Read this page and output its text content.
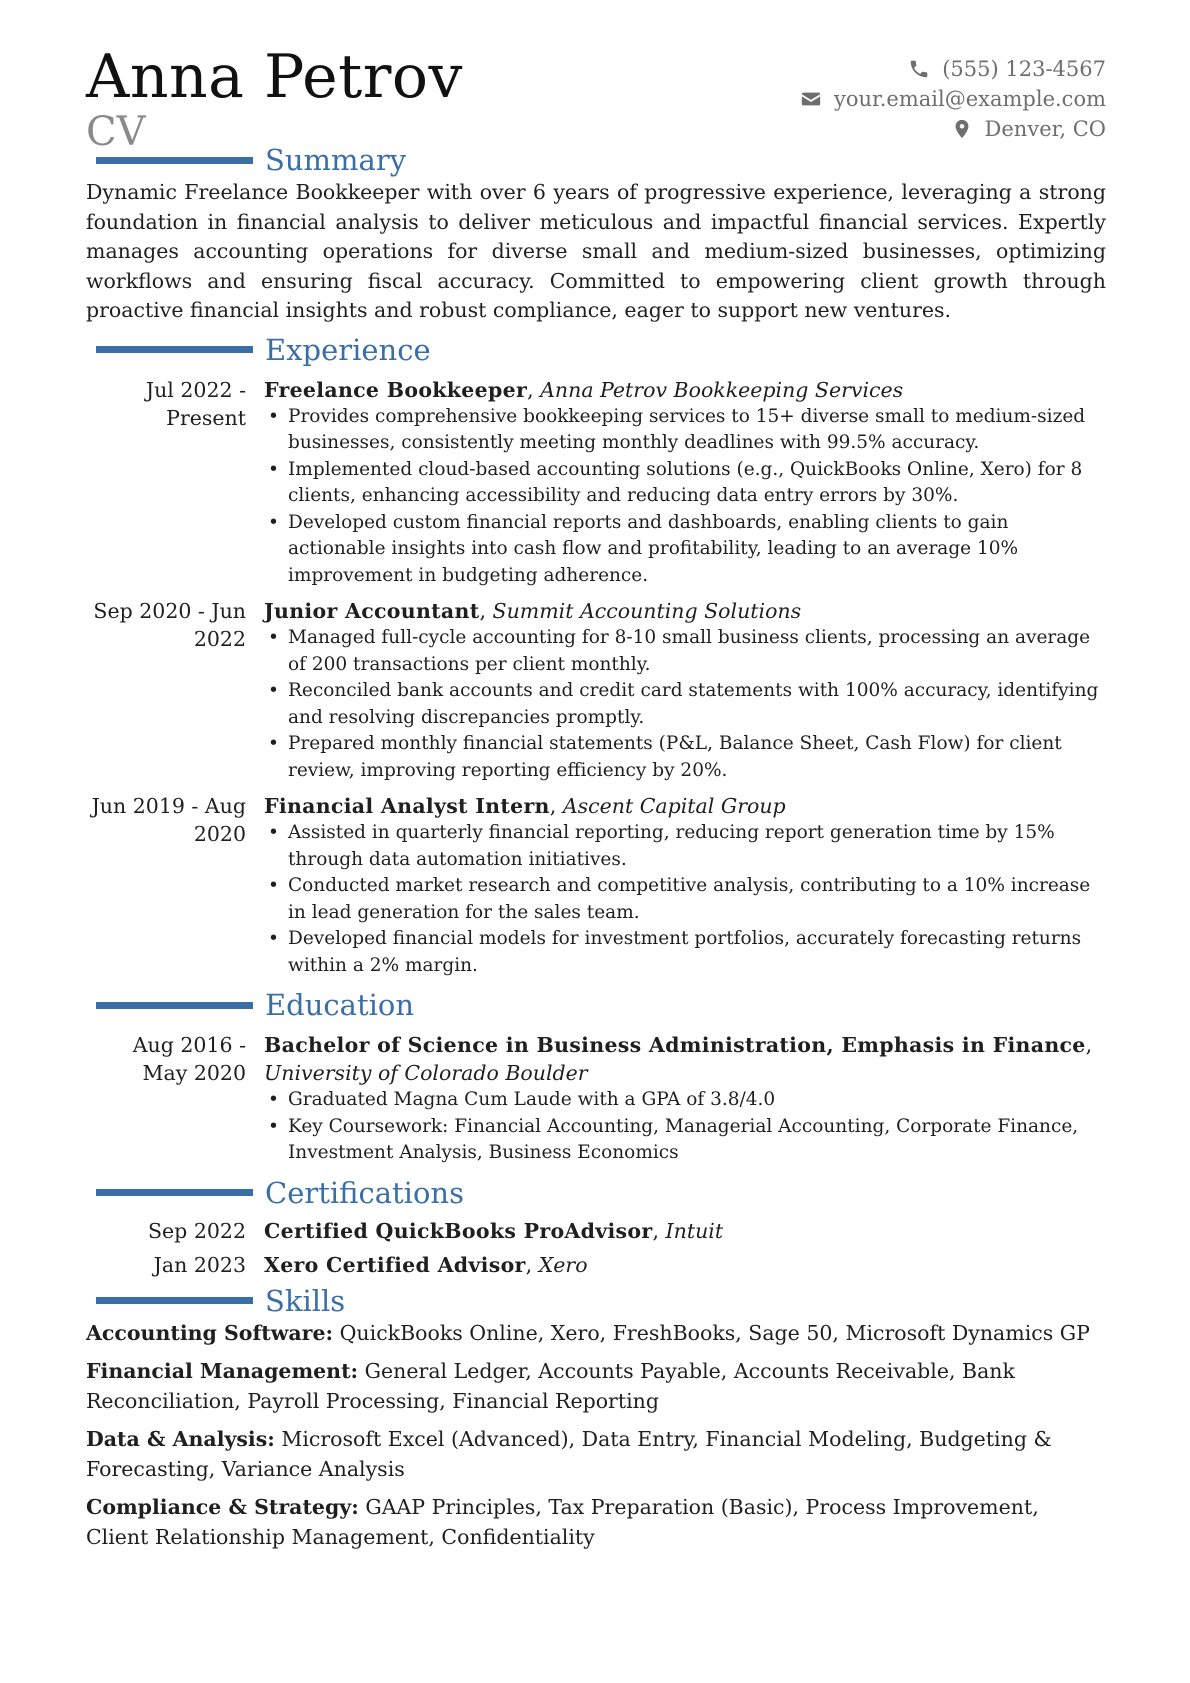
Anna Petrov
CV
(555) 123-4567
your.email@example.com
Denver, CO
Summary
Dynamic Freelance Bookkeeper with over 6 years of progressive experience, leveraging a strong foundation in financial analysis to deliver meticulous and impactful financial services. Expertly manages accounting operations for diverse small and medium-sized businesses, optimizing workflows and ensuring fiscal accuracy. Committed to empowering client growth through proactive financial insights and robust compliance, eager to support new ventures.
Experience
Jul 2022 - Present
Freelance Bookkeeper, Anna Petrov Bookkeeping Services
• Provides comprehensive bookkeeping services to 15+ diverse small to medium-sized businesses, consistently meeting monthly deadlines with 99.5% accuracy.
• Implemented cloud-based accounting solutions (e.g., QuickBooks Online, Xero) for 8 clients, enhancing accessibility and reducing data entry errors by 30%.
• Developed custom financial reports and dashboards, enabling clients to gain actionable insights into cash flow and profitability, leading to an average 10% improvement in budgeting adherence.
Sep 2020 - Jun 2022
Junior Accountant, Summit Accounting Solutions
• Managed full-cycle accounting for 8-10 small business clients, processing an average of 200 transactions per client monthly.
• Reconciled bank accounts and credit card statements with 100% accuracy, identifying and resolving discrepancies promptly.
• Prepared monthly financial statements (P&L, Balance Sheet, Cash Flow) for client review, improving reporting efficiency by 20%.
Jun 2019 - Aug 2020
Financial Analyst Intern, Ascent Capital Group
• Assisted in quarterly financial reporting, reducing report generation time by 15% through data automation initiatives.
• Conducted market research and competitive analysis, contributing to a 10% increase in lead generation for the sales team.
• Developed financial models for investment portfolios, accurately forecasting returns within a 2% margin.
Education
Aug 2016 - May 2020
Bachelor of Science in Business Administration, Emphasis in Finance, University of Colorado Boulder
• Graduated Magna Cum Laude with a GPA of 3.8/4.0
• Key Coursework: Financial Accounting, Managerial Accounting, Corporate Finance, Investment Analysis, Business Economics
Certifications
Sep 2022 Certified QuickBooks ProAdvisor, Intuit
Jan 2023 Xero Certified Advisor, Xero
Skills
Accounting Software: QuickBooks Online, Xero, FreshBooks, Sage 50, Microsoft Dynamics GP
Financial Management: General Ledger, Accounts Payable, Accounts Receivable, Bank Reconciliation, Payroll Processing, Financial Reporting
Data & Analysis: Microsoft Excel (Advanced), Data Entry, Financial Modeling, Budgeting & Forecasting, Variance Analysis
Compliance & Strategy: GAAP Principles, Tax Preparation (Basic), Process Improvement, Client Relationship Management, Confidentiality
